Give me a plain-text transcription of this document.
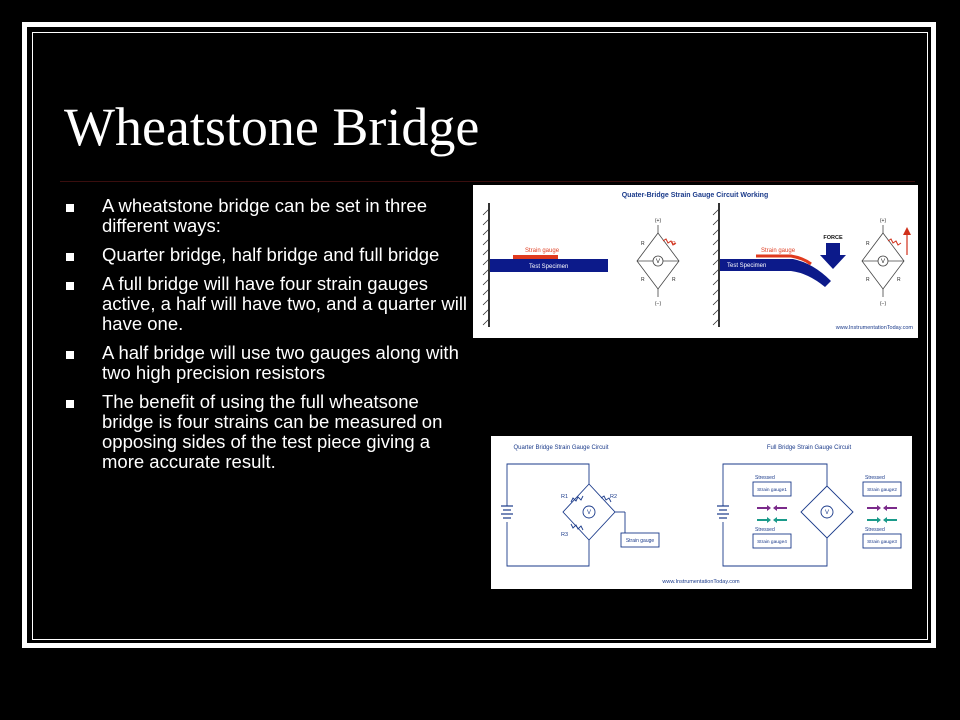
Wheatstone Bridge
A wheatstone bridge can be set in three different ways:
Quarter bridge, half bridge and full bridge
A full bridge will have four strain gauges active, a half will have two, and a quarter will have one.
A half bridge will use two gauges along with two high precision resistors
The benefit of using the full wheatsone bridge is four strains can be measured on opposing sides of the test piece giving a more accurate result.
Quater-Bridge Strain Gauge Circuit Working
Strain gauge
Test Specimen
V
(+)
(−)
R	R
R	R
Strain gauge
Test Specimen
FORCE
V
(+)
(−)
R
R	R
www.InstrumentationToday.com
Quarter Bridge Strain Gauge Circuit	Full Bridge Strain Gauge Circuit
V
R1	R2
R3
Strain gauge
V
Stressed	Stressed
Stressed	Stressed
Strain gauge1	Strain gauge2
Strain gauge4	Strain gauge3
www.InstrumentationToday.com
